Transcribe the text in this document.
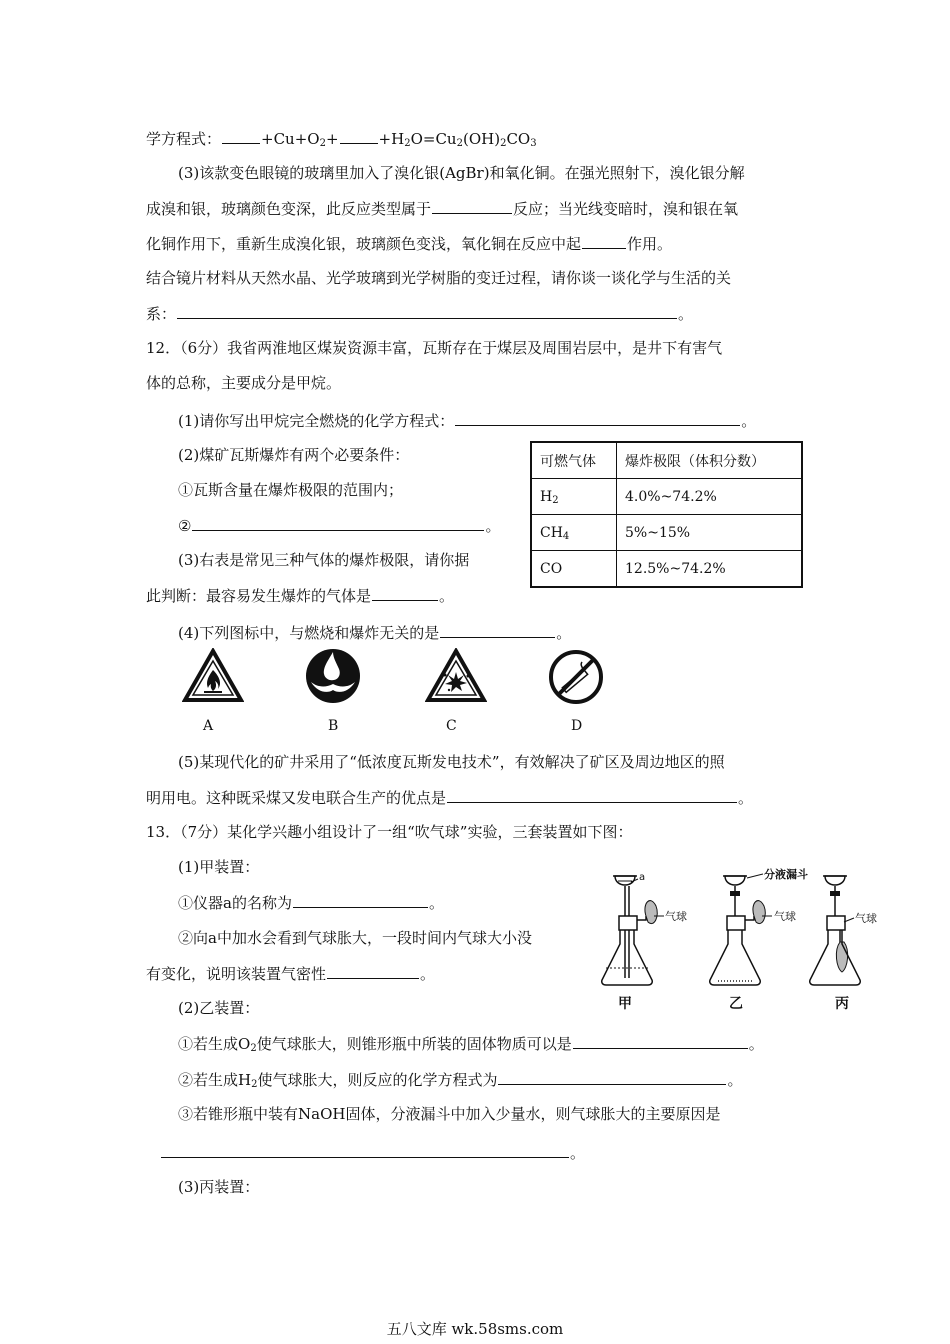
学方程式：	$+Cu+O_2+$	$+H_2O=Cu_2(OH)_2CO_3$
(3)该款变色眼镜的玻璃里加入了溴化银(AgBr)和氧化铜。在强光照射下，溴化银分解
成溴和银，玻璃颜色变深，此反应类型属于	反应；当光线变暗时，溴和银在氧
化铜作用下，重新生成溴化银，玻璃颜色变浅，氧化铜在反应中起	作用。
结合镜片材料从天然水晶、光学玻璃到光学树脂的变迁过程，请你谈一谈化学与生活的关
系：	。
12．（6分）我省两淮地区煤炭资源丰富，瓦斯存在于煤层及周围岩层中，是井下有害气
体的总称，主要成分是甲烷。
(1)请你写出甲烷完全燃烧的化学方程式：	。
(2)煤矿瓦斯爆炸有两个必要条件：
①瓦斯含量在爆炸极限的范围内；
②	。
(3)右表是常见三种气体的爆炸极限，请你据
此判断：最容易发生爆炸的气体是	。
可燃气体	爆炸极限（体积分数）
$H_2$	4.0%~74.2%
$CH_4$	5%~15%
CO	12.5%~74.2%
(4)下列图标中，与燃烧和爆炸无关的是	。
A	B	C	D
(5)某现代化的矿井采用了“低浓度瓦斯发电技术”，有效解决了矿区及周边地区的照
明用电。这种既采煤又发电联合生产的优点是	。
13．（7分）某化学兴趣小组设计了一组“吹气球”实验，三套装置如下图：
(1)甲装置：
①仪器a的名称为	。
②向a中加水会看到气球胀大，一段时间内气球大小没
有变化，说明该装置气密性	。
(2)乙装置：
①若生成$O_2$使气球胀大，则锥形瓶中所装的固体物质可以是	。
②若生成$H_2$使气球胀大，则反应的化学方程式为	。
③若锥形瓶中装有NaOH固体，分液漏斗中加入少量水，则气球胀大的主要原因是
。
(3)丙装置：
a
气球
甲
分液漏斗
气球
乙
气球
丙
五八文库 wk.58sms.com
